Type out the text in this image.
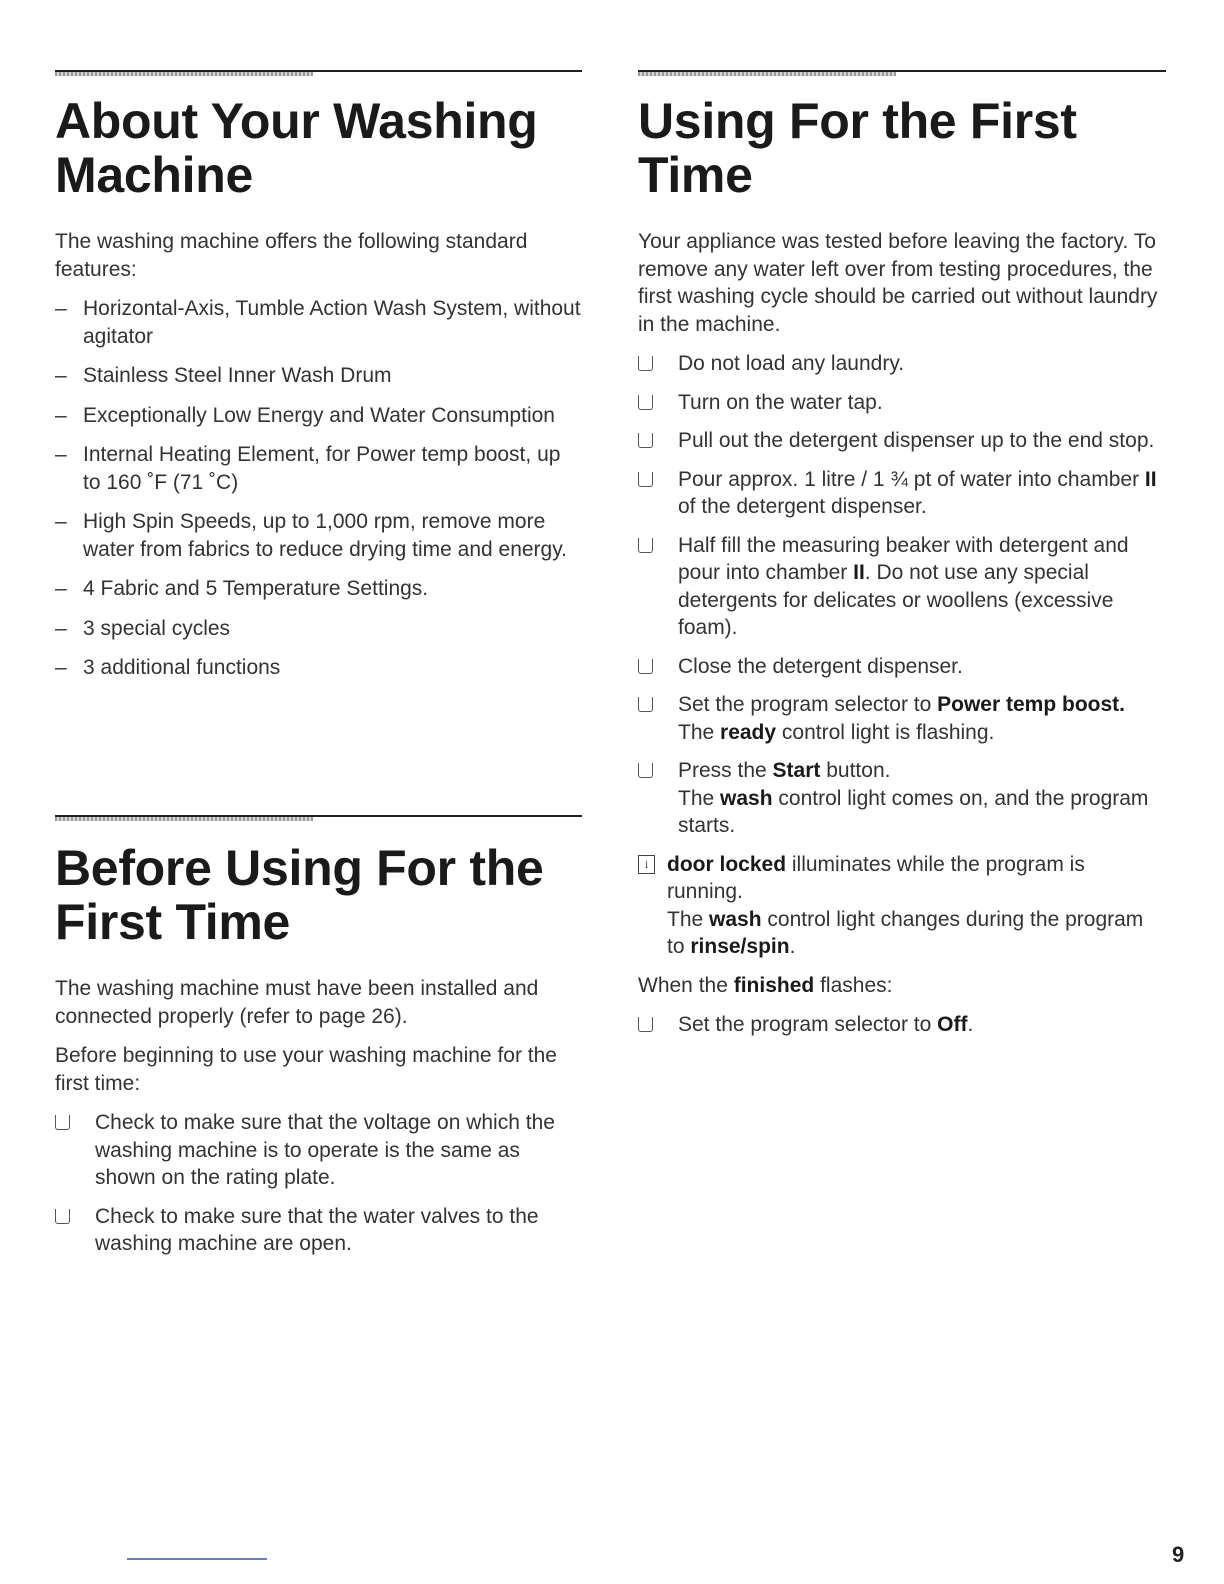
About Your Washing
Machine

The washing machine offers the following standard features:

– Horizontal-Axis, Tumble Action Wash System, without agitator
– Stainless Steel Inner Wash Drum
– Exceptionally Low Energy and Water Consumption
– Internal Heating Element, for Power temp boost, up to 160 ˚F (71 ˚C)
– High Spin Speeds, up to 1,000 rpm, remove more water from fabrics to reduce drying time and energy.
– 4 Fabric and 5 Temperature Settings.
– 3 special cycles
– 3 additional functions
Before Using For the
First Time

The washing machine must have been installed and connected properly (refer to page 26).

Before beginning to use your washing machine for the first time:

Check to make sure that the voltage on which the washing machine is to operate is the same as shown on the rating plate.
Check to make sure that the water valves to the washing machine are open.
Using For the First
Time

Your appliance was tested before leaving the factory. To remove any water left over from testing procedures, the first washing cycle should be carried out without laundry in the machine.

Do not load any laundry.
Turn on the water tap.
Pull out the detergent dispenser up to the end stop.
Pour approx. 1 litre / 1 ¾ pt of water into chamber II of the detergent dispenser.
Half fill the measuring beaker with detergent and pour into chamber II. Do not use any special detergents for delicates or woollens (excessive foam).
Close the detergent dispenser.
Set the program selector to Power temp boost.
The ready control light is flashing.
Press the Start button.
The wash control light comes on, and the program starts.
i door locked illuminates while the program is running.
The wash control light changes during the program to rinse/spin.

When the finished flashes:

Set the program selector to Off.
9
